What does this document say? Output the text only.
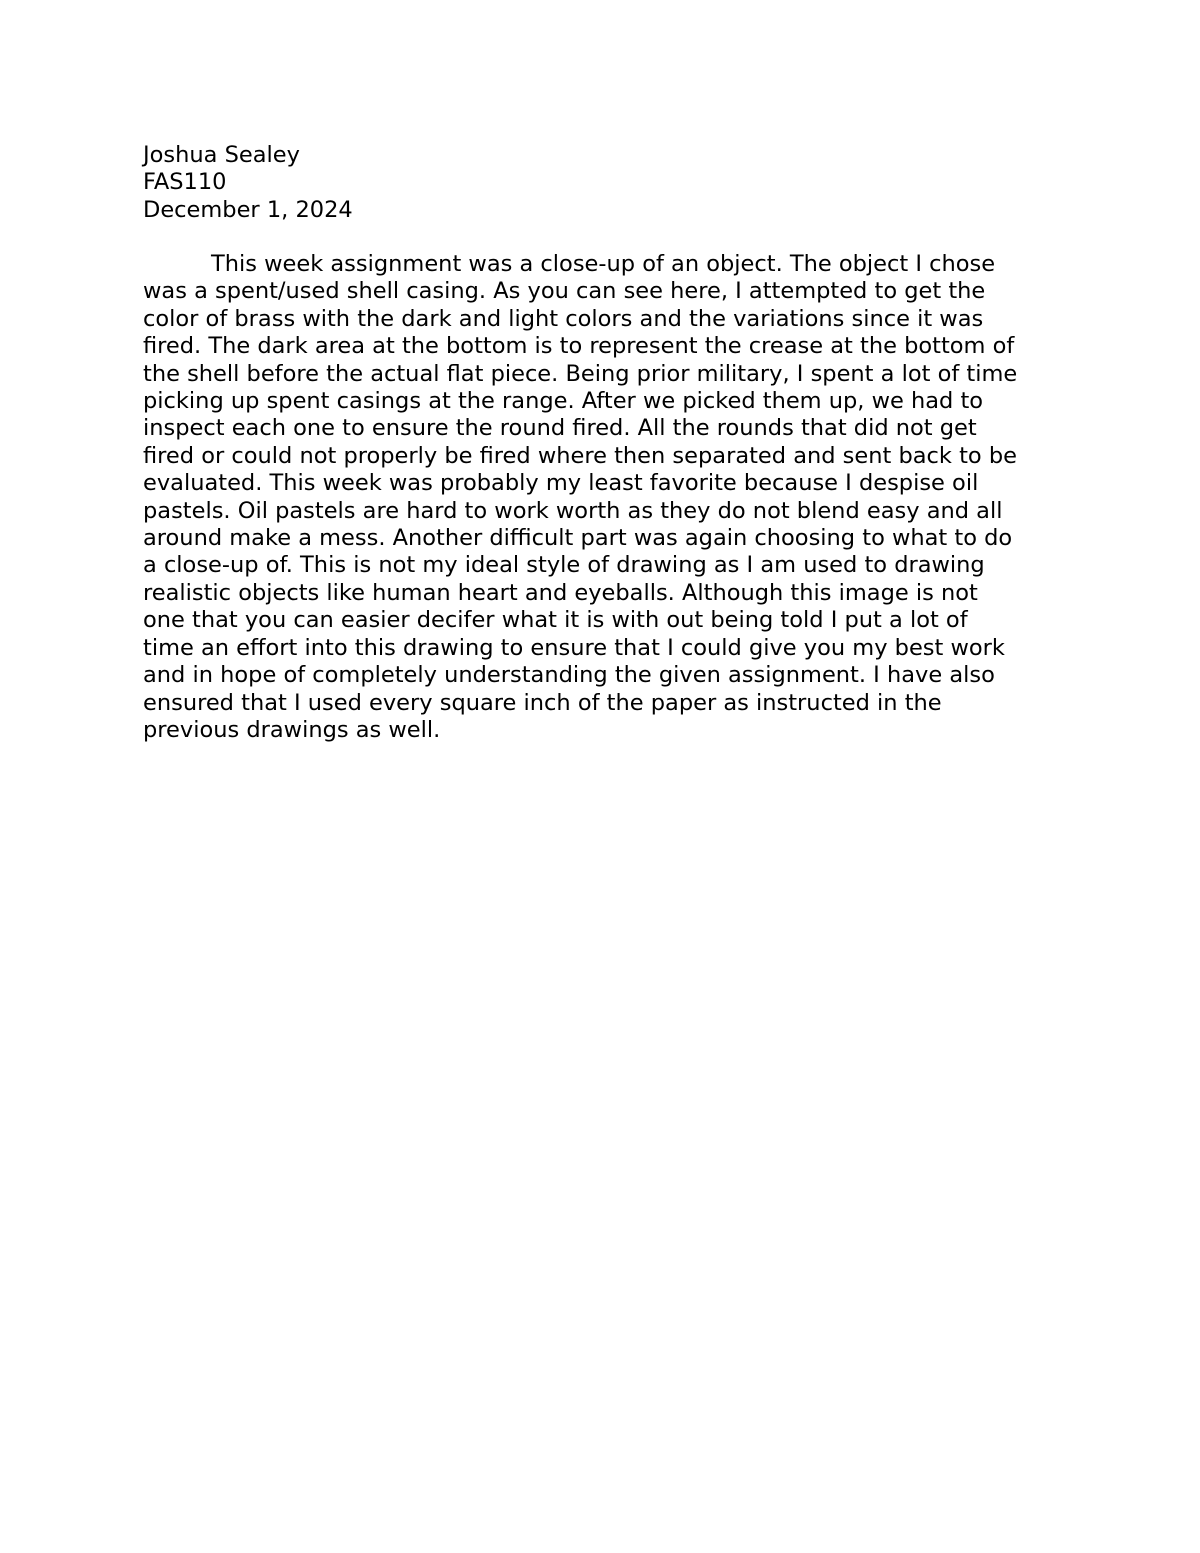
Joshua Sealey
FAS110
December 1, 2024
This week assignment was a close-up of an object. The object I chose
was a spent/used shell casing. As you can see here, I attempted to get the
color of brass with the dark and light colors and the variations since it was
fired. The dark area at the bottom is to represent the crease at the bottom of
the shell before the actual flat piece. Being prior military, I spent a lot of time
picking up spent casings at the range. After we picked them up, we had to
inspect each one to ensure the round fired. All the rounds that did not get
fired or could not properly be fired where then separated and sent back to be
evaluated. This week was probably my least favorite because I despise oil
pastels. Oil pastels are hard to work worth as they do not blend easy and all
around make a mess. Another difficult part was again choosing to what to do
a close-up of. This is not my ideal style of drawing as I am used to drawing
realistic objects like human heart and eyeballs. Although this image is not
one that you can easier decifer what it is with out being told I put a lot of
time an effort into this drawing to ensure that I could give you my best work
and in hope of completely understanding the given assignment. I have also
ensured that I used every square inch of the paper as instructed in the
previous drawings as well.
